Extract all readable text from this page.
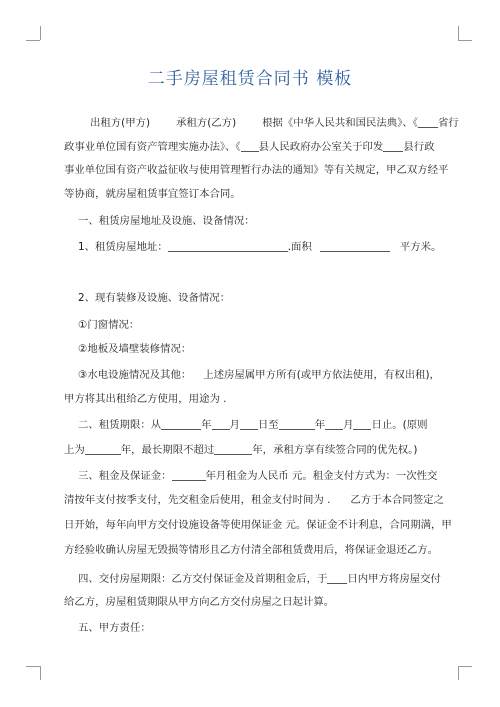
二手房屋租赁合同书 模板
出租方(甲方)	承租方(乙方)	根据《中华人民共和国民法典》、《 省行
政事业单位国有资产管理实施办法》、《 县人民政府办公室关于印发 县行政
事业单位国有资产收益征收与使用管理暂行办法的通知》等有关规定，甲乙双方经平
等协商，就房屋租赁事宜签订本合同。
一、租赁房屋地址及设施、设备情况：
1、租赁房屋地址：	.面积	平方米。
2、现有装修及设施、设备情况：
①门窗情况：
②地板及墙壁装修情况：
③水电设施情况及其他： 上述房屋属甲方所有(或甲方依法使用，有权出租)，
甲方将其出租给乙方使用，用途为 .
二、租赁期限：从	年 月 日至	年 月 日止。(原则
上为	年，最长期限不超过	年，承租方享有续签合同的优先权。)
三、租金及保证金：	年月租金为人民币 元。租金支付方式为：一次性交
清按年支付按季支付，先交租金后使用，租金支付时间为 . 乙方于本合同签定之
日开始，每年向甲方交付设施设备等使用保证金 元。保证金不计利息，合同期满，甲
方经验收确认房屋无毁损等情形且乙方付清全部租赁费用后，将保证金退还乙方。
四、交付房屋期限：乙方交付保证金及首期租金后，于 日内甲方将房屋交付
给乙方，房屋租赁期限从甲方向乙方交付房屋之日起计算。
五、甲方责任：
